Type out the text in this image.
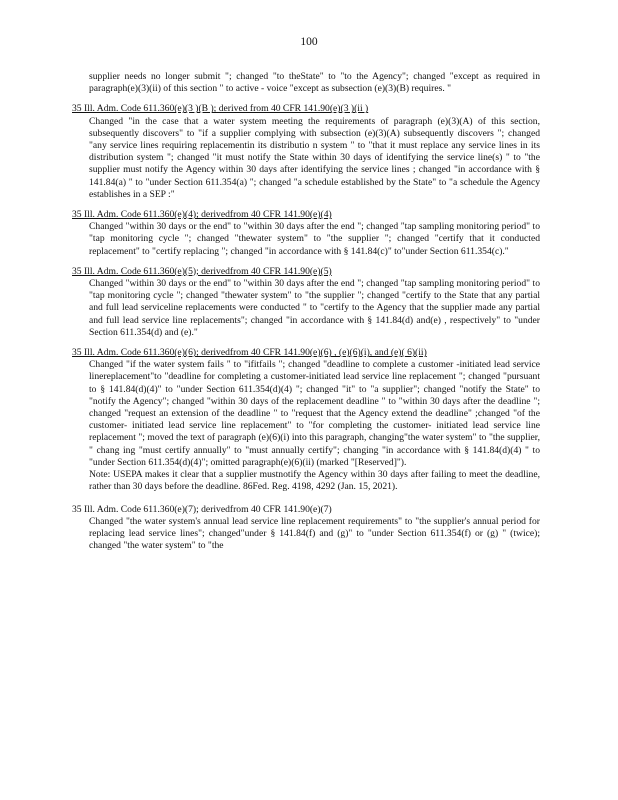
100
supplier needs no longer submit "; changed "to theState" to "to the Agency"; changed "except as required in paragraph(e)(3)(ii) of this section " to active - voice "except as subsection (e)(3)(B) requires. "
35 Ill. Adm. Code 611.360(e)(3 )(B ); derived from 40 CFR 141.90(e)(3 )(ii )
Changed "in the case that a water system meeting the requirements of paragraph (e)(3)(A) of this section, subsequently discovers" to "if a supplier complying with subsection (e)(3)(A) subsequently discovers "; changed "any service lines requiring replacementin its distributio n system " to "that it must replace any service lines in its distribution system "; changed "it must notify the State within 30 days of identifying the service line(s) " to "the supplier must notify the Agency within 30 days after identifying the service lines ; changed "in accordance with § 141.84(a) " to "under Section 611.354(a) "; changed "a schedule established by the State" to "a schedule the Agency establishes in a SEP :"
35 Ill. Adm. Code 611.360(e)(4); derivedfrom 40 CFR 141.90(e)(4)
Changed "within 30 days or the end" to "within 30 days after the end "; changed "tap sampling monitoring period" to "tap monitoring cycle "; changed "thewater system" to "the supplier "; changed "certify that it conducted replacement" to "certify replacing "; changed "in accordance with § 141.84(c)" to"under Section 611.354(c)."
35 Ill. Adm. Code 611.360(e)(5); derivedfrom 40 CFR 141.90(e)(5)
Changed "within 30 days or the end" to "within 30 days after the end "; changed "tap sampling monitoring period" to "tap monitoring cycle "; changed "thewater system" to "the supplier "; changed "certify to the State that any partial and full lead serviceline replacements were conducted " to "certify to the Agency that the supplier made any partial and full lead service line replacements"; changed "in accordance with § 141.84(d) and(e) , respectively" to "under Section 611.354(d) and (e)."
35 Ill. Adm. Code 611.360(e)(6); derivedfrom 40 CFR 141.90(e)(6) , (e)(6)(i), and (e)( 6)(ii)
Changed "if the water system fails " to "ifitfails "; changed "deadline to complete a customer -initiated lead service linereplacement"to "deadline for completing a customer-initiated lead service line replacement "; changed "pursuant to § 141.84(d)(4)" to "under Section 611.354(d)(4) "; changed "it" to "a supplier"; changed "notify the State" to "notify the Agency"; changed "within 30 days of the replacement deadline " to "within 30 days after the deadline "; changed "request an extension of the deadline " to "request that the Agency extend the deadline" ;changed "of the customer- initiated lead service line replacement" to "for completing the customer- initiated lead service line replacement "; moved the text of paragraph (e)(6)(i) into this paragraph, changing"the water system" to "the supplier, " chang ing "must certify annually" to "must annually certify"; changing "in accordance with § 141.84(d)(4) " to "under Section 611.354(d)(4)"; omitted paragraph(e)(6)(ii) (marked "[Reserved]").
Note: USEPA makes it clear that a supplier mustnotify the Agency within 30 days after failing to meet the deadline, rather than 30 days before the deadline. 86Fed. Reg. 4198, 4292 (Jan. 15, 2021).
35 Ill. Adm. Code 611.360(e)(7); derivedfrom 40 CFR 141.90(e)(7)
Changed "the water system's annual lead service line replacement requirements" to "the supplier's annual period for replacing lead service lines"; changed"under § 141.84(f) and (g)" to "under Section 611.354(f) or (g) " (twice); changed "the water system" to "the
